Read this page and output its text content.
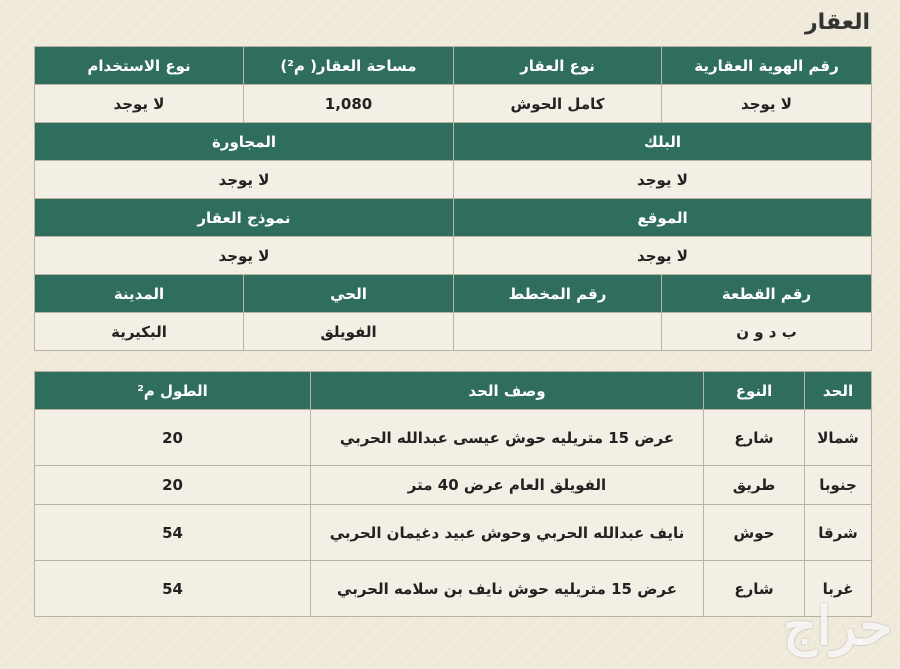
العقار
رقم الهوية العقارية	نوع العقار	مساحة العقار( م²)	نوع الاستخدام
لا يوجد	كامل الحوش	1,080	لا يوجد
البلك		المجاورة	
لا يوجد		لا يوجد	
الموقع		نموذج العقار	
لا يوجد		لا يوجد	
رقم القطعة	رقم المخطط	الحي	المدينة
ب د و ن		الفويلق	البكيرية
الحد	النوع	وصف الحد	الطول م²
شمالا	شارع	عرض 15 متريليه حوش عيسى عبدالله الحربي	20
جنوبا	طريق	الفويلق العام عرض 40 متر	20
شرقا	حوش	نايف عبدالله الحربي وحوش عبيد دغيمان الحربي	54
غربا	شارع	عرض 15 متريليه حوش نايف بن سلامه الحربي	54
حراج
